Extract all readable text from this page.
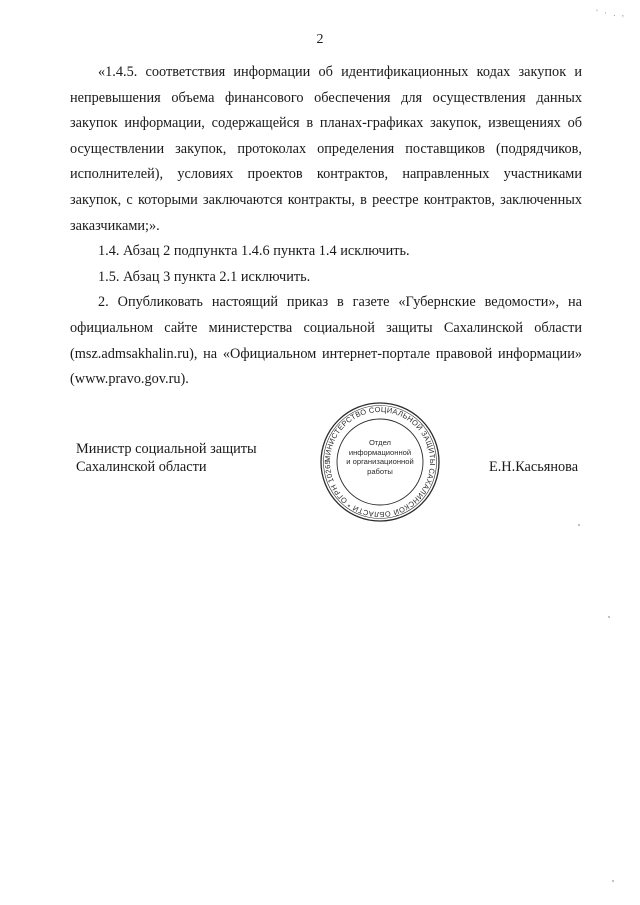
' · . ,
2

«1.4.5. соответствия информации об идентификационных кодах закупок и непревышения объема финансового обеспечения для осуществления данных закупок информации, содержащейся в планах-графиках закупок, извещениях об осуществлении закупок, протоколах определения поставщиков (подрядчиков, исполнителей), условиях проектов контрактов, направленных участниками закупок, с которыми заключаются контракты, в реестре контрактов, заключенных заказчиками;».

1.4. Абзац 2 подпункта 1.4.6 пункта 1.4 исключить.

1.5. Абзац 3 пункта 2.1 исключить.

2. Опубликовать настоящий приказ в газете «Губернские ведомости», на официальном сайте министерства социальной защиты Сахалинской области (msz.admsakhalin.ru), на «Официальном интернет-портале правовой информации» (www.pravo.gov.ru).

Министр социальной защиты
Сахалинской области
МИНИСТЕРСТВО СОЦИАЛЬНОЙ ЗАЩИТЫ САХАЛИНСКОЙ ОБЛАСТИ * ОГРН 10265
Отдел
информационной
и организационной
работы	Е.Н.Касьянова
